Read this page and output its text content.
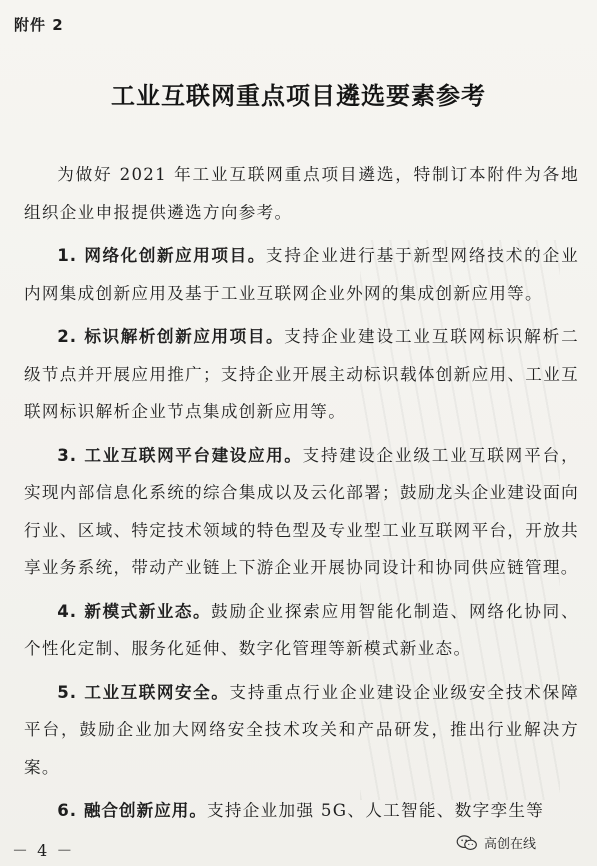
附件 2
工业互联网重点项目遴选要素参考

为做好 2021 年工业互联网重点项目遴选，特制订本附件为各地组织企业申报提供遴选方向参考。

1. 网络化创新应用项目。支持企业进行基于新型网络技术的企业内网集成创新应用及基于工业互联网企业外网的集成创新应用等。

2. 标识解析创新应用项目。支持企业建设工业互联网标识解析二级节点并开展应用推广；支持企业开展主动标识载体创新应用、工业互联网标识解析企业节点集成创新应用等。

3. 工业互联网平台建设应用。支持建设企业级工业互联网平台，实现内部信息化系统的综合集成以及云化部署；鼓励龙头企业建设面向行业、区域、特定技术领域的特色型及专业型工业互联网平台，开放共享业务系统，带动产业链上下游企业开展协同设计和协同供应链管理。

4. 新模式新业态。鼓励企业探索应用智能化制造、网络化协同、个性化定制、服务化延伸、数字化管理等新模式新业态。

5. 工业互联网安全。支持重点行业企业建设企业级安全技术保障平台，鼓励企业加大网络安全技术攻关和产品研发，推出行业解决方案。

6. 融合创新应用。支持企业加强 5G、人工智能、数字孪生等

－ 4 －	高创在线
